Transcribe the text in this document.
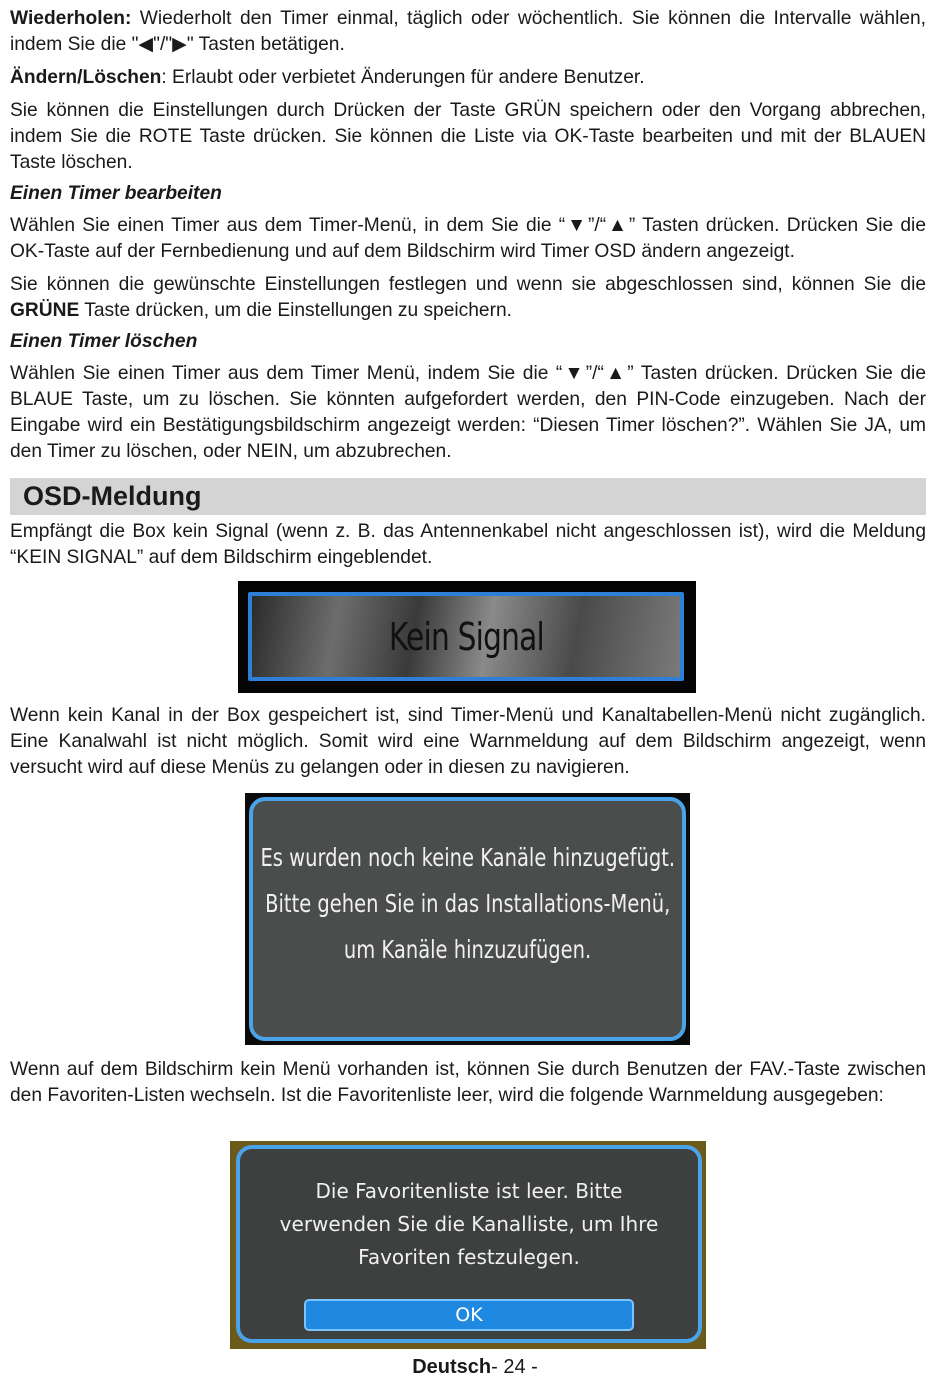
Wiederholen: Wiederholt den Timer einmal, täglich oder wöchentlich. Sie können die Intervalle wählen, indem Sie die "◀"/"▶" Tasten betätigen.

Ändern/Löschen: Erlaubt oder verbietet Änderungen für andere Benutzer.

Sie können die Einstellungen durch Drücken der Taste GRÜN speichern oder den Vorgang abbrechen, indem Sie die ROTE Taste drücken. Sie können die Liste via OK-Taste bearbeiten und mit der BLAUEN Taste löschen.

Einen Timer bearbeiten

Wählen Sie einen Timer aus dem Timer-Menü, in dem Sie die “▼”/“▲” Tasten drücken. Drücken Sie die OK-Taste auf der Fernbedienung und auf dem Bildschirm wird Timer OSD ändern angezeigt.

Sie können die gewünschte Einstellungen festlegen und wenn sie abgeschlossen sind, können Sie die GRÜNE Taste drücken, um die Einstellungen zu speichern.

Einen Timer löschen

Wählen Sie einen Timer aus dem Timer Menü, indem Sie die “▼”/“▲” Tasten drücken. Drücken Sie die BLAUE Taste, um zu löschen. Sie könnten aufgefordert werden, den PIN-Code einzugeben. Nach der Eingabe wird ein Bestätigungsbildschirm angezeigt werden: “Diesen Timer löschen?”. Wählen Sie JA, um den Timer zu löschen, oder NEIN, um abzubrechen.

OSD-Meldung

Empfängt die Box kein Signal (wenn z. B. das Antennenkabel nicht angeschlossen ist), wird die Meldung “KEIN SIGNAL” auf dem Bildschirm eingeblendet.

Kein Signal

Wenn kein Kanal in der Box gespeichert ist, sind Timer-Menü und Kanaltabellen-Menü nicht zugänglich. Eine Kanalwahl ist nicht möglich. Somit wird eine Warnmeldung auf dem Bildschirm angezeigt, wenn versucht wird auf diese Menüs zu gelangen oder in diesen zu navigieren.

Es wurden noch keine Kanäle hinzugefügt.
Bitte gehen Sie in das Installations-Menü,
um Kanäle hinzuzufügen.

Wenn auf dem Bildschirm kein Menü vorhanden ist, können Sie durch Benutzen der FAV.-Taste zwischen den Favoriten-Listen wechseln. Ist die Favoritenliste leer, wird die folgende Warnmeldung ausgegeben:

Die Favoritenliste ist leer. Bitte
verwenden Sie die Kanalliste, um Ihre
Favoriten festzulegen.
OK
Deutsch- 24 -
